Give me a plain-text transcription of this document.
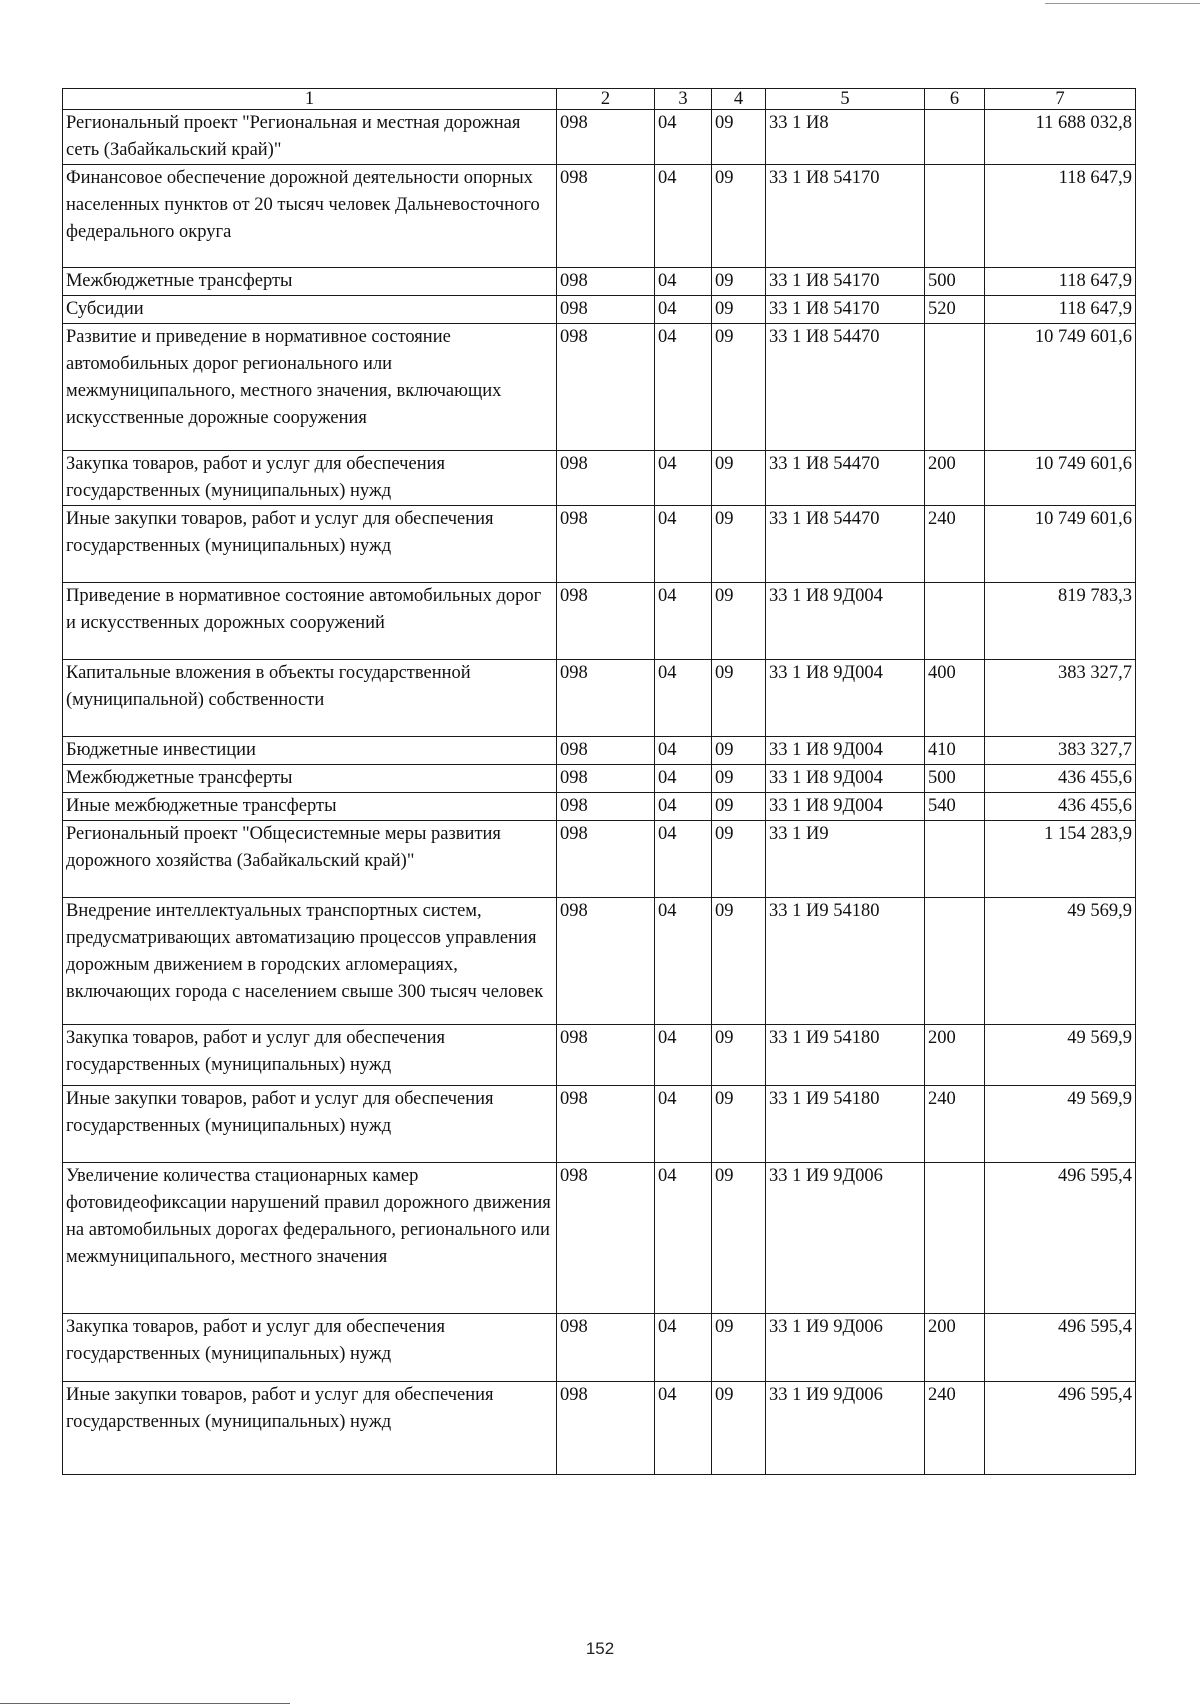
1	2	3	4	5	6	7
Региональный проект "Региональная и местная дорожная сеть (Забайкальский край)"	098	04	09	33 1 И8		11 688 032,8
Финансовое обеспечение дорожной деятельности опорных населенных пунктов от 20 тысяч человек Дальневосточного федерального округа	098	04	09	33 1 И8 54170		118 647,9
Межбюджетные трансферты	098	04	09	33 1 И8 54170	500	118 647,9
Субсидии	098	04	09	33 1 И8 54170	520	118 647,9
Развитие и приведение в нормативное состояние автомобильных дорог регионального или межмуниципального, местного значения, включающих искусственные дорожные сооружения	098	04	09	33 1 И8 54470		10 749 601,6
Закупка товаров, работ и услуг для обеспечения государственных (муниципальных) нужд	098	04	09	33 1 И8 54470	200	10 749 601,6
Иные закупки товаров, работ и услуг для обеспечения государственных (муниципальных) нужд	098	04	09	33 1 И8 54470	240	10 749 601,6
Приведение в нормативное состояние автомобильных дорог и искусственных дорожных сооружений	098	04	09	33 1 И8 9Д004		819 783,3
Капитальные вложения в объекты государственной (муниципальной) собственности	098	04	09	33 1 И8 9Д004	400	383 327,7
Бюджетные инвестиции	098	04	09	33 1 И8 9Д004	410	383 327,7
Межбюджетные трансферты	098	04	09	33 1 И8 9Д004	500	436 455,6
Иные межбюджетные трансферты	098	04	09	33 1 И8 9Д004	540	436 455,6
Региональный проект "Общесистемные меры развития дорожного хозяйства (Забайкальский край)"	098	04	09	33 1 И9		1 154 283,9
Внедрение интеллектуальных транспортных систем, предусматривающих автоматизацию процессов управления дорожным движением в городских агломерациях, включающих города с населением свыше 300 тысяч человек	098	04	09	33 1 И9 54180		49 569,9
Закупка товаров, работ и услуг для обеспечения государственных (муниципальных) нужд	098	04	09	33 1 И9 54180	200	49 569,9
Иные закупки товаров, работ и услуг для обеспечения государственных (муниципальных) нужд	098	04	09	33 1 И9 54180	240	49 569,9
Увеличение количества стационарных камер фотовидеофиксации нарушений правил дорожного движения на автомобильных дорогах федерального, регионального или межмуниципального, местного значения	098	04	09	33 1 И9 9Д006		496 595,4
Закупка товаров, работ и услуг для обеспечения государственных (муниципальных) нужд	098	04	09	33 1 И9 9Д006	200	496 595,4
Иные закупки товаров, работ и услуг для обеспечения государственных (муниципальных) нужд	098	04	09	33 1 И9 9Д006	240	496 595,4
152
